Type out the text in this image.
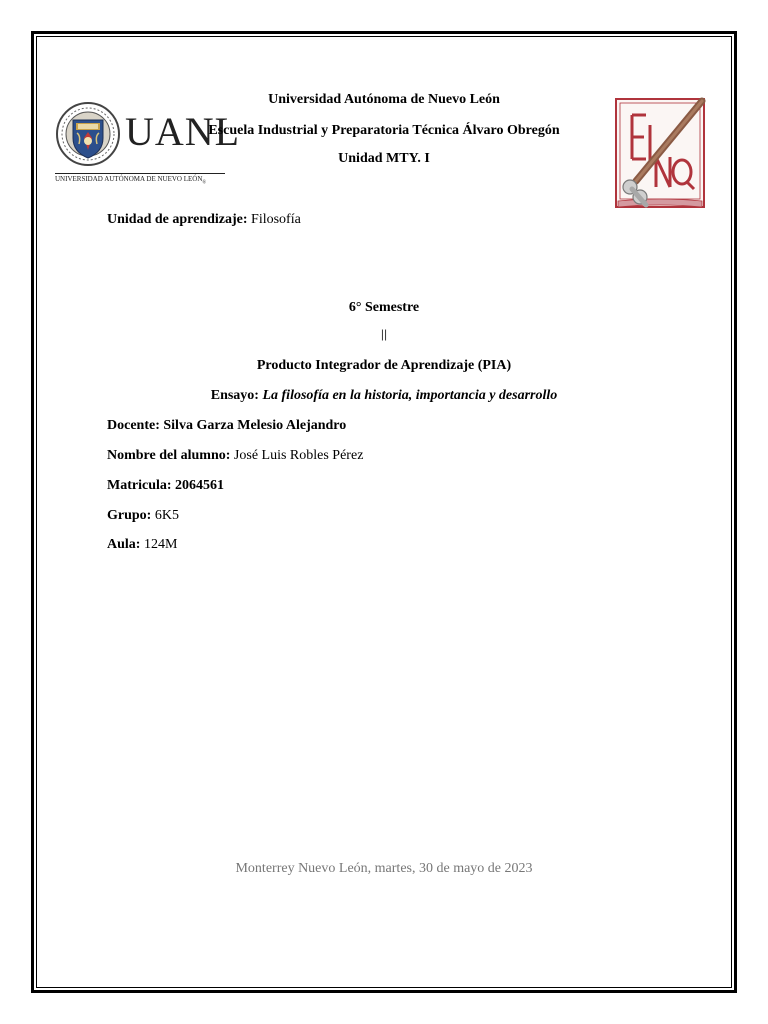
UANL
UNIVERSIDAD AUTÓNOMA DE NUEVO $LEÓN_®$
Universidad Autónoma de Nuevo León
Escuela Industrial y Preparatoria Técnica Álvaro Obregón
Unidad MTY. I
Unidad de aprendizaje: Filosofía
6° Semestre
||
Producto Integrador de Aprendizaje (PIA)
Ensayo: La filosofía en la historia, importancia y desarrollo
Docente: Silva Garza Melesio Alejandro
Nombre del alumno: José Luis Robles Pérez
Matricula: 2064561
Grupo: 6K5
Aula: 124M
Monterrey Nuevo León, martes, 30 de mayo de 2023
